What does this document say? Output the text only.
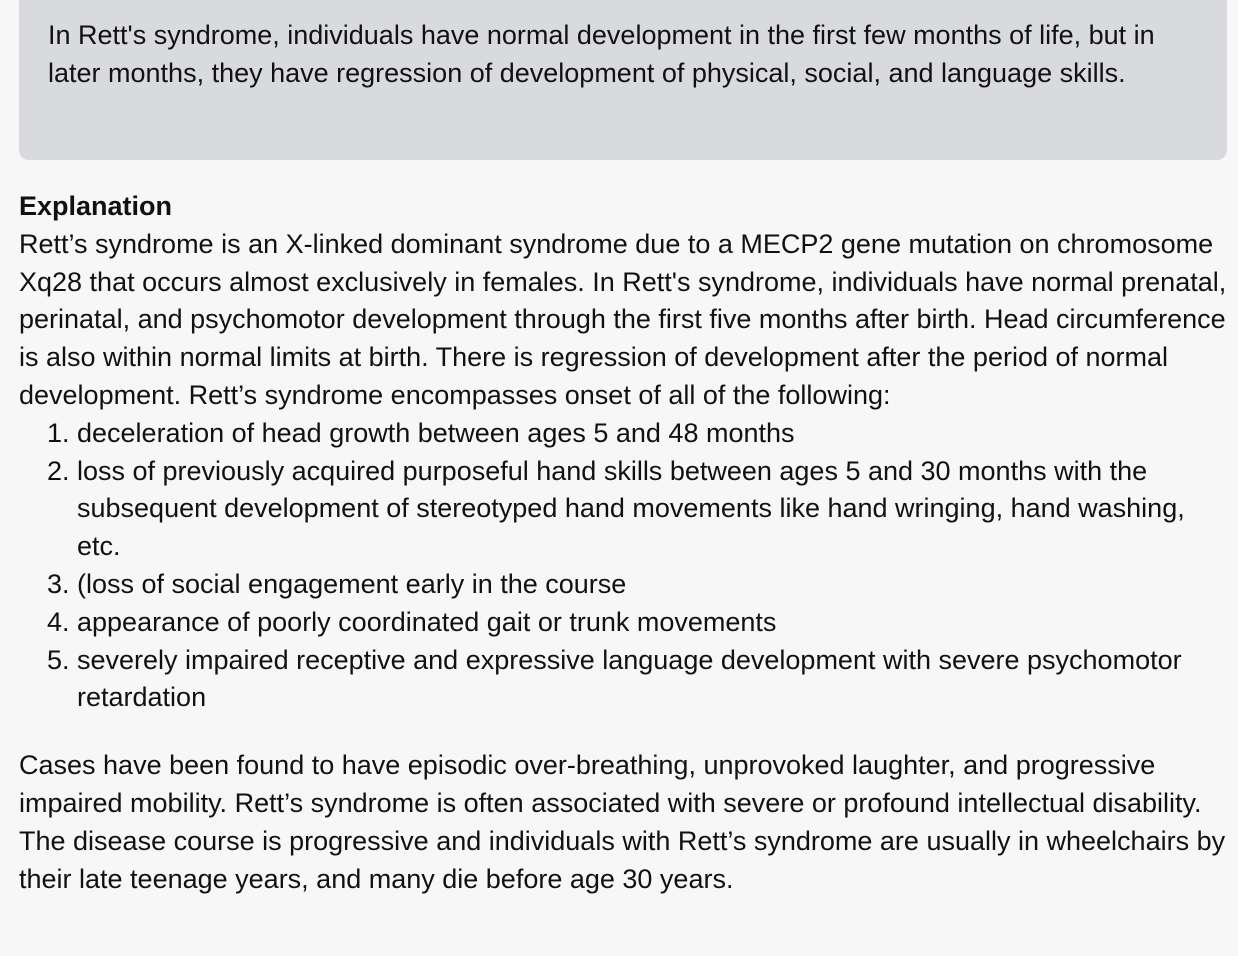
In Rett's syndrome, individuals have normal development in the first few months of life, but in later months, they have regression of development of physical, social, and language skills.
Explanation
Rett’s syndrome is an X-linked dominant syndrome due to a MECP2 gene mutation on chromosome Xq28 that occurs almost exclusively in females. In Rett's syndrome, individuals have normal prenatal, perinatal, and psychomotor development through the first five months after birth. Head circumference is also within normal limits at birth. There is regression of development after the period of normal development. Rett’s syndrome encompasses onset of all of the following:
1. deceleration of head growth between ages 5 and 48 months
2. loss of previously acquired purposeful hand skills between ages 5 and 30 months with the subsequent development of stereotyped hand movements like hand wringing, hand washing, etc.
3. (loss of social engagement early in the course
4. appearance of poorly coordinated gait or trunk movements
5. severely impaired receptive and expressive language development with severe psychomotor retardation
Cases have been found to have episodic over-breathing, unprovoked laughter, and progressive impaired mobility. Rett’s syndrome is often associated with severe or profound intellectual disability. The disease course is progressive and individuals with Rett’s syndrome are usually in wheelchairs by their late teenage years, and many die before age 30 years.
